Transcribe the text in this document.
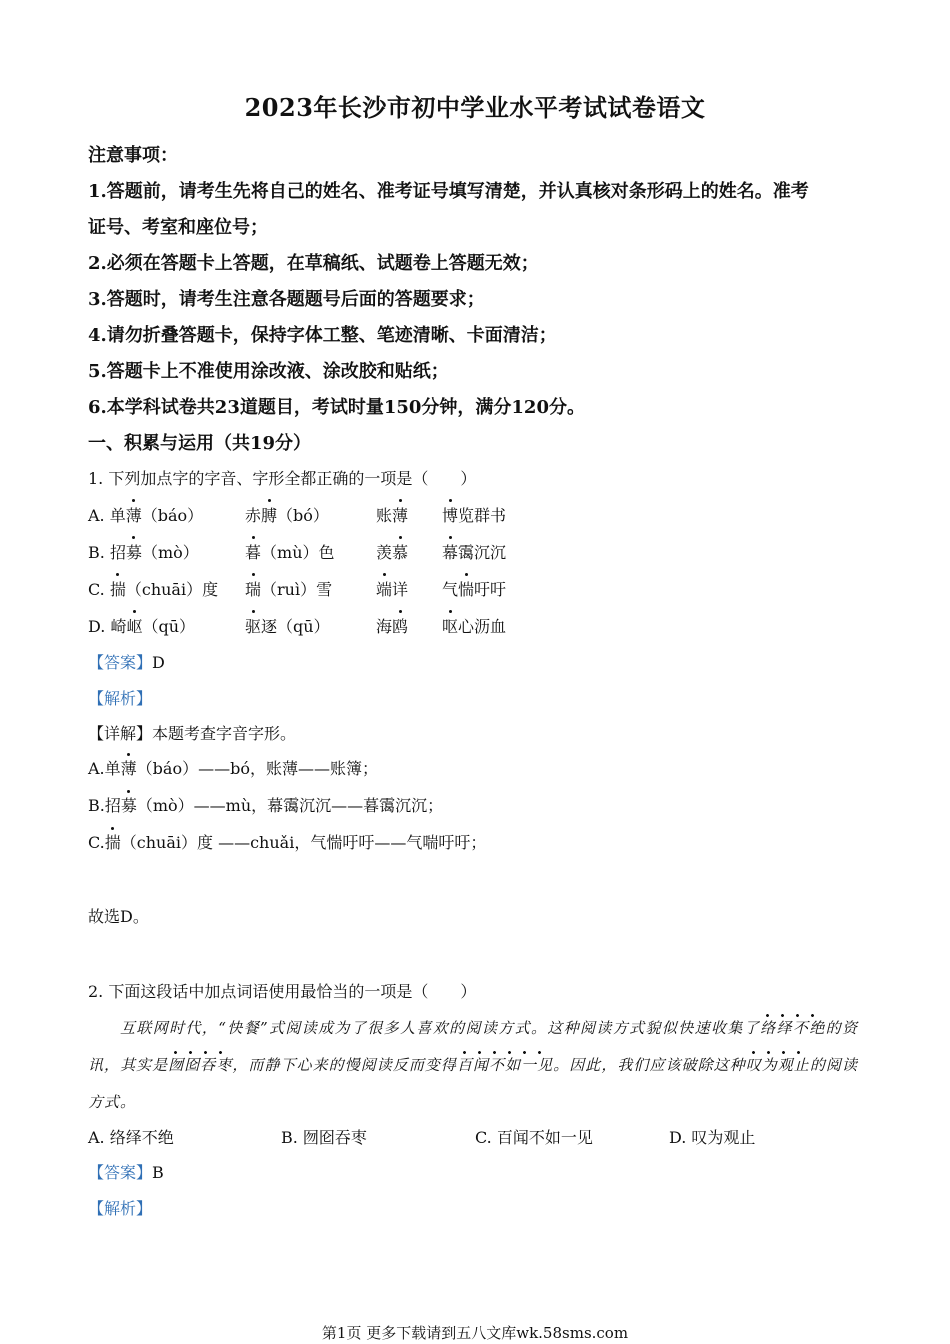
2023年长沙市初中学业水平考试试卷语文
注意事项：
1.答题前，请考生先将自己的姓名、准考证号填写清楚，并认真核对条形码上的姓名。准考
证号、考室和座位号；
2.必须在答题卡上答题，在草稿纸、试题卷上答题无效；
3.答题时，请考生注意各题题号后面的答题要求；
4.请勿折叠答题卡，保持字体工整、笔迹清晰、卡面清洁；
5.答题卡上不准使用涂改液、涂改胶和贴纸；
6.本学科试卷共23道题目，考试时量150分钟，满分120分。
一、积累与运用（共19分）
1. 下列加点字的字音、字形全都正确的一项是（　　）
A. 单薄（báo）	赤膊（bó）	账薄 博览群书
B. 招募（mò）	暮（mù）色	羡慕 幕霭沉沉
C. 揣（chuāi）度 瑞（ruì）雪	端详 气惴吁吁
D. 崎岖（qū）	驱逐（qū）	海鸥 呕心沥血
【答案】D
【解析】
【详解】本题考查字音字形。
A.单薄（báo）——bó，账薄——账簿；
B.招募（mò）——mù，幕霭沉沉——暮霭沉沉；
C.揣（chuāi）度 ——chuǎi，气惴吁吁——气喘吁吁；
故选D。
2. 下面这段话中加点词语使用最恰当的一项是（　　）
互联网时代，“快餐”式阅读成为了很多人喜欢的阅读方式。这种阅读方式貌似快速收集了络绎不绝的资讯，其实是囫囵吞枣，而静下心来的慢阅读反而变得百闻不如一见。因此，我们应该破除这种叹为观止的阅读方式。
A. 络绎不绝	B. 囫囵吞枣	C. 百闻不如一见	D. 叹为观止
【答案】B
【解析】
第1页 更多下载请到五八文库wk.58sms.com
